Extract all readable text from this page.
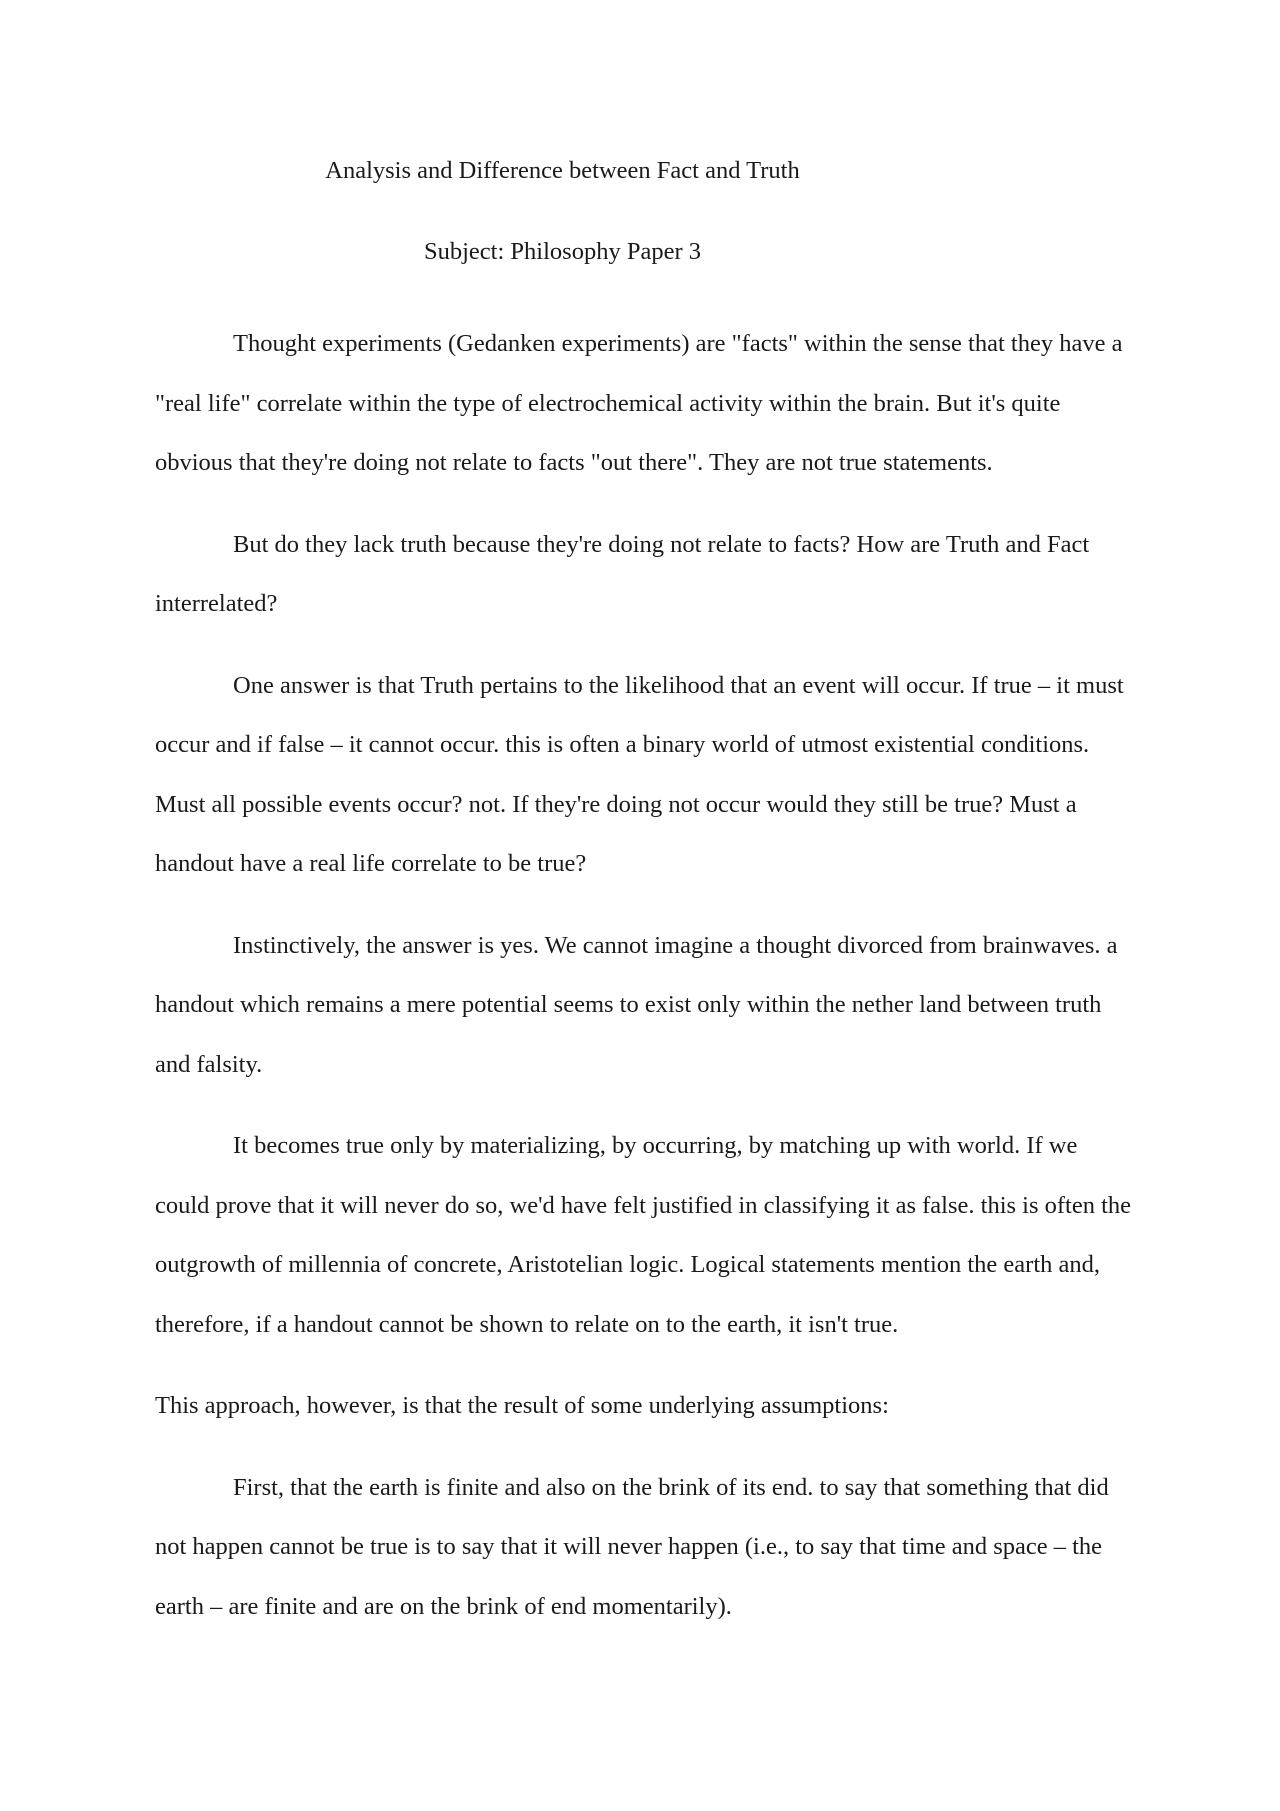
Analysis and Difference between Fact and Truth

Subject: Philosophy Paper 3

Thought experiments (Gedanken experiments) are "facts" within the sense that they have a "real life" correlate within the type of electrochemical activity within the brain. But it's quite obvious that they're doing not relate to facts "out there". They are not true statements.

But do they lack truth because they're doing not relate to facts? How are Truth and Fact interrelated?

One answer is that Truth pertains to the likelihood that an event will occur. If true – it must occur and if false – it cannot occur. this is often a binary world of utmost existential conditions. Must all possible events occur? not. If they're doing not occur would they still be true? Must a handout have a real life correlate to be true?

Instinctively, the answer is yes. We cannot imagine a thought divorced from brainwaves. a handout which remains a mere potential seems to exist only within the nether land between truth and falsity.

It becomes true only by materializing, by occurring, by matching up with world. If we could prove that it will never do so, we'd have felt justified in classifying it as false. this is often the outgrowth of millennia of concrete, Aristotelian logic. Logical statements mention the earth and, therefore, if a handout cannot be shown to relate on to the earth, it isn't true.

This approach, however, is that the result of some underlying assumptions:

First, that the earth is finite and also on the brink of its end. to say that something that did not happen cannot be true is to say that it will never happen (i.e., to say that time and space – the earth – are finite and are on the brink of end momentarily).
